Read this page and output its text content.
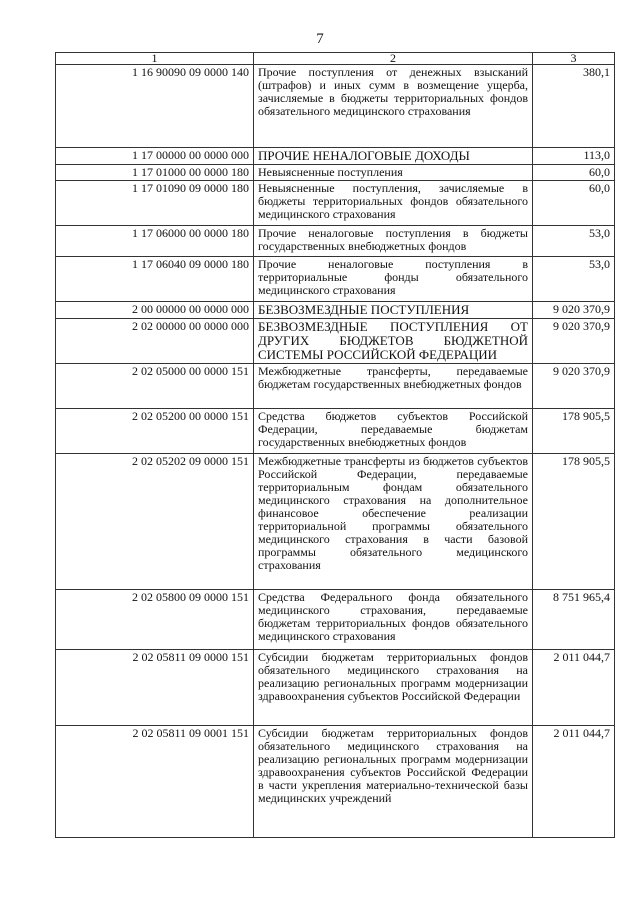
7
1	2	3
1 16 90090 09 0000 140	Прочие поступления от денежных взысканий (штрафов) и иных сумм в возмещение ущерба, зачисляемые в бюджеты территориальных фондов обязательного медицинского страхования	380,1
1 17 00000 00 0000 000	ПРОЧИЕ НЕНАЛОГОВЫЕ ДОХОДЫ	113,0
1 17 01000 00 0000 180	Невыясненные поступления	60,0
1 17 01090 09 0000 180	Невыясненные поступления, зачисляемые в бюджеты территориальных фондов обязательного медицинского страхования	60,0
1 17 06000 00 0000 180	Прочие неналоговые поступления в бюджеты государственных внебюджетных фондов	53,0
1 17 06040 09 0000 180	Прочие неналоговые поступления в территориальные фонды обязательного медицинского страхования	53,0
2 00 00000 00 0000 000	БЕЗВОЗМЕЗДНЫЕ ПОСТУПЛЕНИЯ	9 020 370,9
2 02 00000 00 0000 000	БЕЗВОЗМЕЗДНЫЕ ПОСТУПЛЕНИЯ ОТ ДРУГИХ БЮДЖЕТОВ БЮДЖЕТНОЙ СИСТЕМЫ РОССИЙСКОЙ ФЕДЕРАЦИИ	9 020 370,9
2 02 05000 00 0000 151	Межбюджетные трансферты, передаваемые бюджетам государственных внебюджетных фондов	9 020 370,9
2 02 05200 00 0000 151	Средства бюджетов субъектов Российской Федерации, передаваемые бюджетам государственных внебюджетных фондов	178 905,5
2 02 05202 09 0000 151	Межбюджетные трансферты из бюджетов субъектов Российской Федерации, передаваемые территориальным фондам обязательного медицинского страхования на дополнительное финансовое обеспечение реализации территориальной программы обязательного медицинского страхования в части базовой программы обязательного медицинского страхования	178 905,5
2 02 05800 09 0000 151	Средства Федерального фонда обязательного медицинского страхования, передаваемые бюджетам территориальных фондов обязательного медицинского страхования	8 751 965,4
2 02 05811 09 0000 151	Субсидии бюджетам территориальных фондов обязательного медицинского страхования на реализацию региональных программ модернизации здравоохранения субъектов Российской Федерации	2 011 044,7
2 02 05811 09 0001 151	Субсидии бюджетам территориальных фондов обязательного медицинского страхования на реализацию региональных программ модернизации здравоохранения субъектов Российской Федерации в части укрепления материально-технической базы медицинских учреждений	2 011 044,7
